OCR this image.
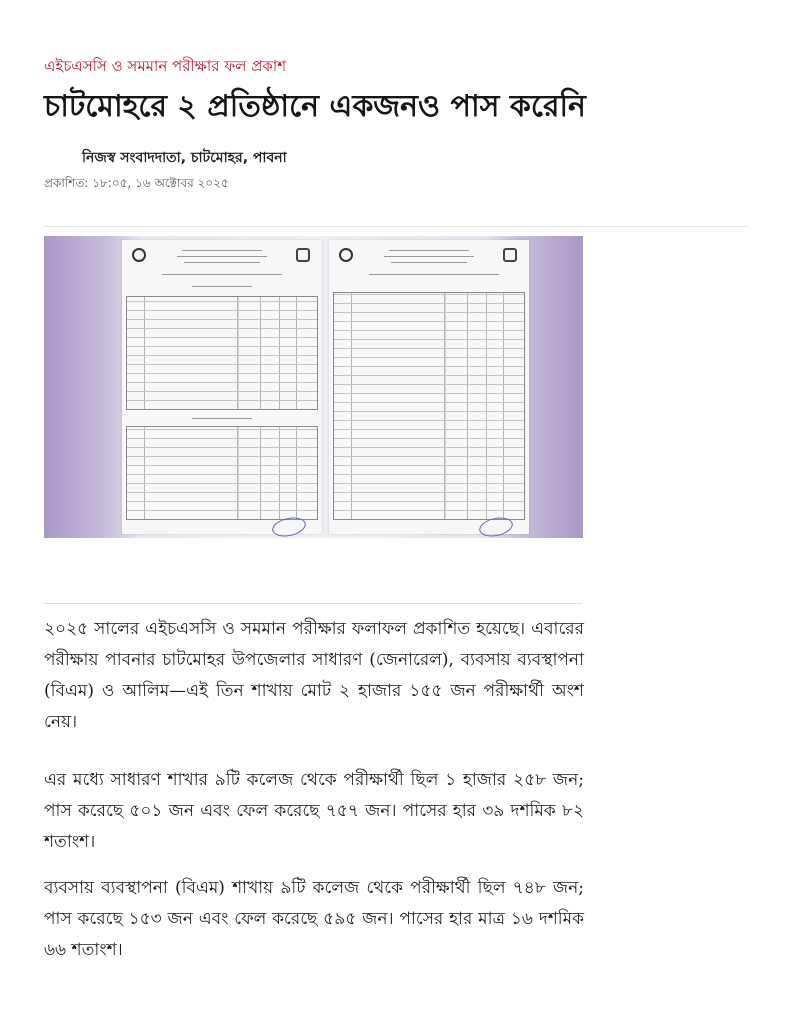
এইচএসসি ও সমমান পরীক্ষার ফল প্রকাশ
চাটমোহরে ২ প্রতিষ্ঠানে একজনও পাস করেনি
নিজস্ব সংবাদদাতা, চাটমোহর, পাবনা
প্রকাশিত: ১৮:০৫, ১৬ অক্টোবর ২০২৫

২০২৫ সালের এইচএসসি ও সমমান পরীক্ষার ফলাফল প্রকাশিত হয়েছে। এবারের পরীক্ষায় পাবনার চাটমোহর উপজেলার সাধারণ (জেনারেল), ব্যবসায় ব্যবস্থাপনা (বিএম) ও আলিম—এই তিন শাখায় মোট ২ হাজার ১৫৫ জন পরীক্ষার্থী অংশ নেয়।

এর মধ্যে সাধারণ শাখার ৯টি কলেজ থেকে পরীক্ষার্থী ছিল ১ হাজার ২৫৮ জন; পাস করেছে ৫০১ জন এবং ফেল করেছে ৭৫৭ জন। পাসের হার ৩৯ দশমিক ৮২ শতাংশ।

ব্যবসায় ব্যবস্থাপনা (বিএম) শাখায় ৯টি কলেজ থেকে পরীক্ষার্থী ছিল ৭৪৮ জন; পাস করেছে ১৫৩ জন এবং ফেল করেছে ৫৯৫ জন। পাসের হার মাত্র ১৬ দশমিক ৬৬ শতাংশ।
